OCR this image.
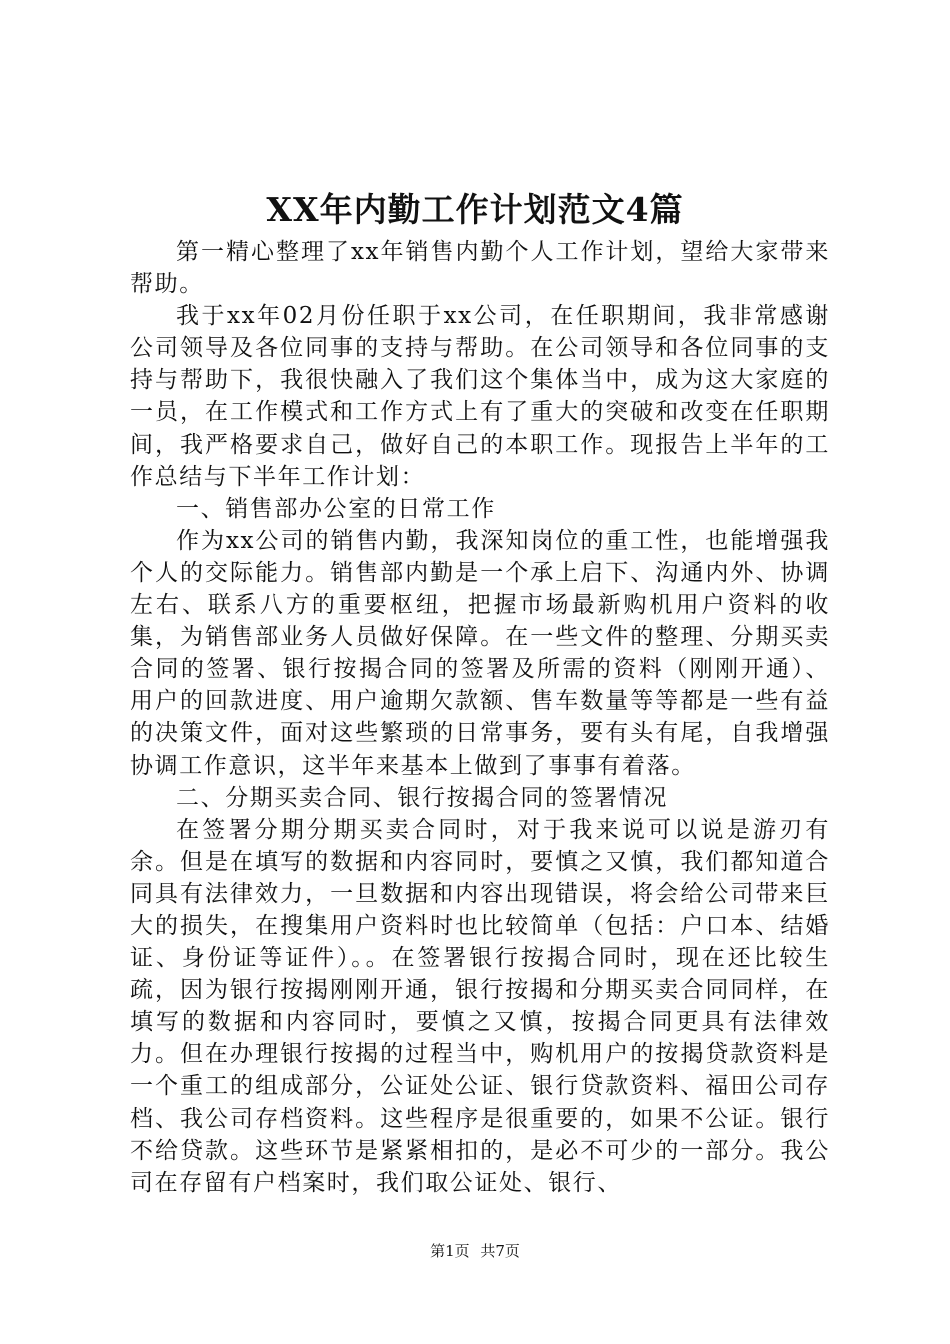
XX年内勤工作计划范文4篇

第一精心整理了xx年销售内勤个人工作计划，望给大家带来帮助。

我于xx年02月份任职于xx公司，在任职期间，我非常感谢公司领导及各位同事的支持与帮助。在公司领导和各位同事的支持与帮助下，我很快融入了我们这个集体当中，成为这大家庭的一员，在工作模式和工作方式上有了重大的突破和改变在任职期间，我严格要求自己，做好自己的本职工作。现报告上半年的工作总结与下半年工作计划：

一、销售部办公室的日常工作

作为xx公司的销售内勤，我深知岗位的重工性，也能增强我个人的交际能力。销售部内勤是一个承上启下、沟通内外、协调左右、联系八方的重要枢纽，把握市场最新购机用户资料的收集，为销售部业务人员做好保障。在一些文件的整理、分期买卖合同的签署、银行按揭合同的签署及所需的资料（刚刚开通）、用户的回款进度、用户逾期欠款额、售车数量等等都是一些有益的决策文件，面对这些繁琐的日常事务，要有头有尾，自我增强协调工作意识，这半年来基本上做到了事事有着落。

二、分期买卖合同、银行按揭合同的签署情况

在签署分期分期买卖合同时，对于我来说可以说是游刃有余。但是在填写的数据和内容同时，要慎之又慎，我们都知道合同具有法律效力，一旦数据和内容出现错误，将会给公司带来巨大的损失，在搜集用户资料时也比较简单（包括：户口本、结婚证、身份证等证件）。。在签署银行按揭合同时，现在还比较生疏，因为银行按揭刚刚开通，银行按揭和分期买卖合同同样，在填写的数据和内容同时，要慎之又慎，按揭合同更具有法律效力。但在办理银行按揭的过程当中，购机用户的按揭贷款资料是一个重工的组成部分，公证处公证、银行贷款资料、福田公司存档、我公司存档资料。这些程序是很重要的，如果不公证。银行不给贷款。这些环节是紧紧相扣的，是必不可少的一部分。我公司在存留有户档案时，我们取公证处、银行、

第1页 共7页
